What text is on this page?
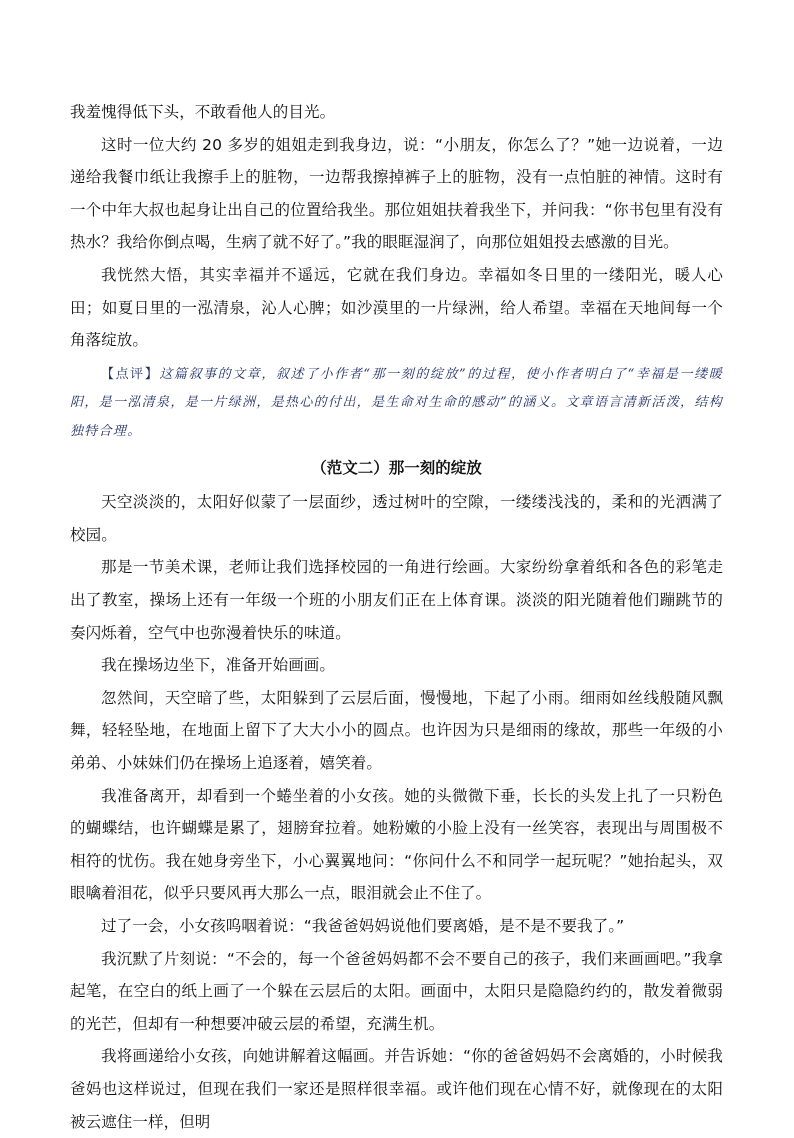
我羞愧得低下头，不敢看他人的目光。

这时一位大约 20 多岁的姐姐走到我身边，说：“小朋友，你怎么了？”她一边说着，一边递给我餐巾纸让我擦手上的脏物，一边帮我擦掉裤子上的脏物，没有一点怕脏的神情。这时有一个中年大叔也起身让出自己的位置给我坐。那位姐姐扶着我坐下，并问我：“你书包里有没有热水？我给你倒点喝，生病了就不好了。”我的眼眶湿润了，向那位姐姐投去感激的目光。

我恍然大悟，其实幸福并不遥远，它就在我们身边。幸福如冬日里的一缕阳光，暖人心田；如夏日里的一泓清泉，沁人心脾；如沙漠里的一片绿洲，给人希望。幸福在天地间每一个角落绽放。

【点评】这篇叙事的文章，叙述了小作者“那一刻的绽放”的过程，使小作者明白了“幸福是一缕暖阳，是一泓清泉，是一片绿洲，是热心的付出，是生命对生命的感动”的涵义。文章语言清新活泼，结构独特合理。

（范文二）那一刻的绽放

天空淡淡的，太阳好似蒙了一层面纱，透过树叶的空隙，一缕缕浅浅的，柔和的光洒满了校园。

那是一节美术课，老师让我们选择校园的一角进行绘画。大家纷纷拿着纸和各色的彩笔走出了教室，操场上还有一年级一个班的小朋友们正在上体育课。淡淡的阳光随着他们蹦跳节的奏闪烁着，空气中也弥漫着快乐的味道。

我在操场边坐下，准备开始画画。

忽然间，天空暗了些，太阳躲到了云层后面，慢慢地，下起了小雨。细雨如丝线般随风飘舞，轻轻坠地，在地面上留下了大大小小的圆点。也许因为只是细雨的缘故，那些一年级的小弟弟、小妹妹们仍在操场上追逐着，嬉笑着。

我准备离开，却看到一个蜷坐着的小女孩。她的头微微下垂，长长的头发上扎了一只粉色的蝴蝶结，也许蝴蝶是累了，翅膀耷拉着。她粉嫩的小脸上没有一丝笑容，表现出与周围极不相符的忧伤。我在她身旁坐下，小心翼翼地问：“你问什么不和同学一起玩呢？”她抬起头，双眼噙着泪花，似乎只要风再大那么一点，眼泪就会止不住了。

过了一会，小女孩呜咽着说：“我爸爸妈妈说他们要离婚，是不是不要我了。”

我沉默了片刻说：“不会的，每一个爸爸妈妈都不会不要自己的孩子，我们来画画吧。”我拿起笔，在空白的纸上画了一个躲在云层后的太阳。画面中，太阳只是隐隐约约的，散发着微弱的光芒，但却有一种想要冲破云层的希望，充满生机。

我将画递给小女孩，向她讲解着这幅画。并告诉她：“你的爸爸妈妈不会离婚的，小时候我爸妈也这样说过，但现在我们一家还是照样很幸福。或许他们现在心情不好，就像现在的太阳被云遮住一样，但明
